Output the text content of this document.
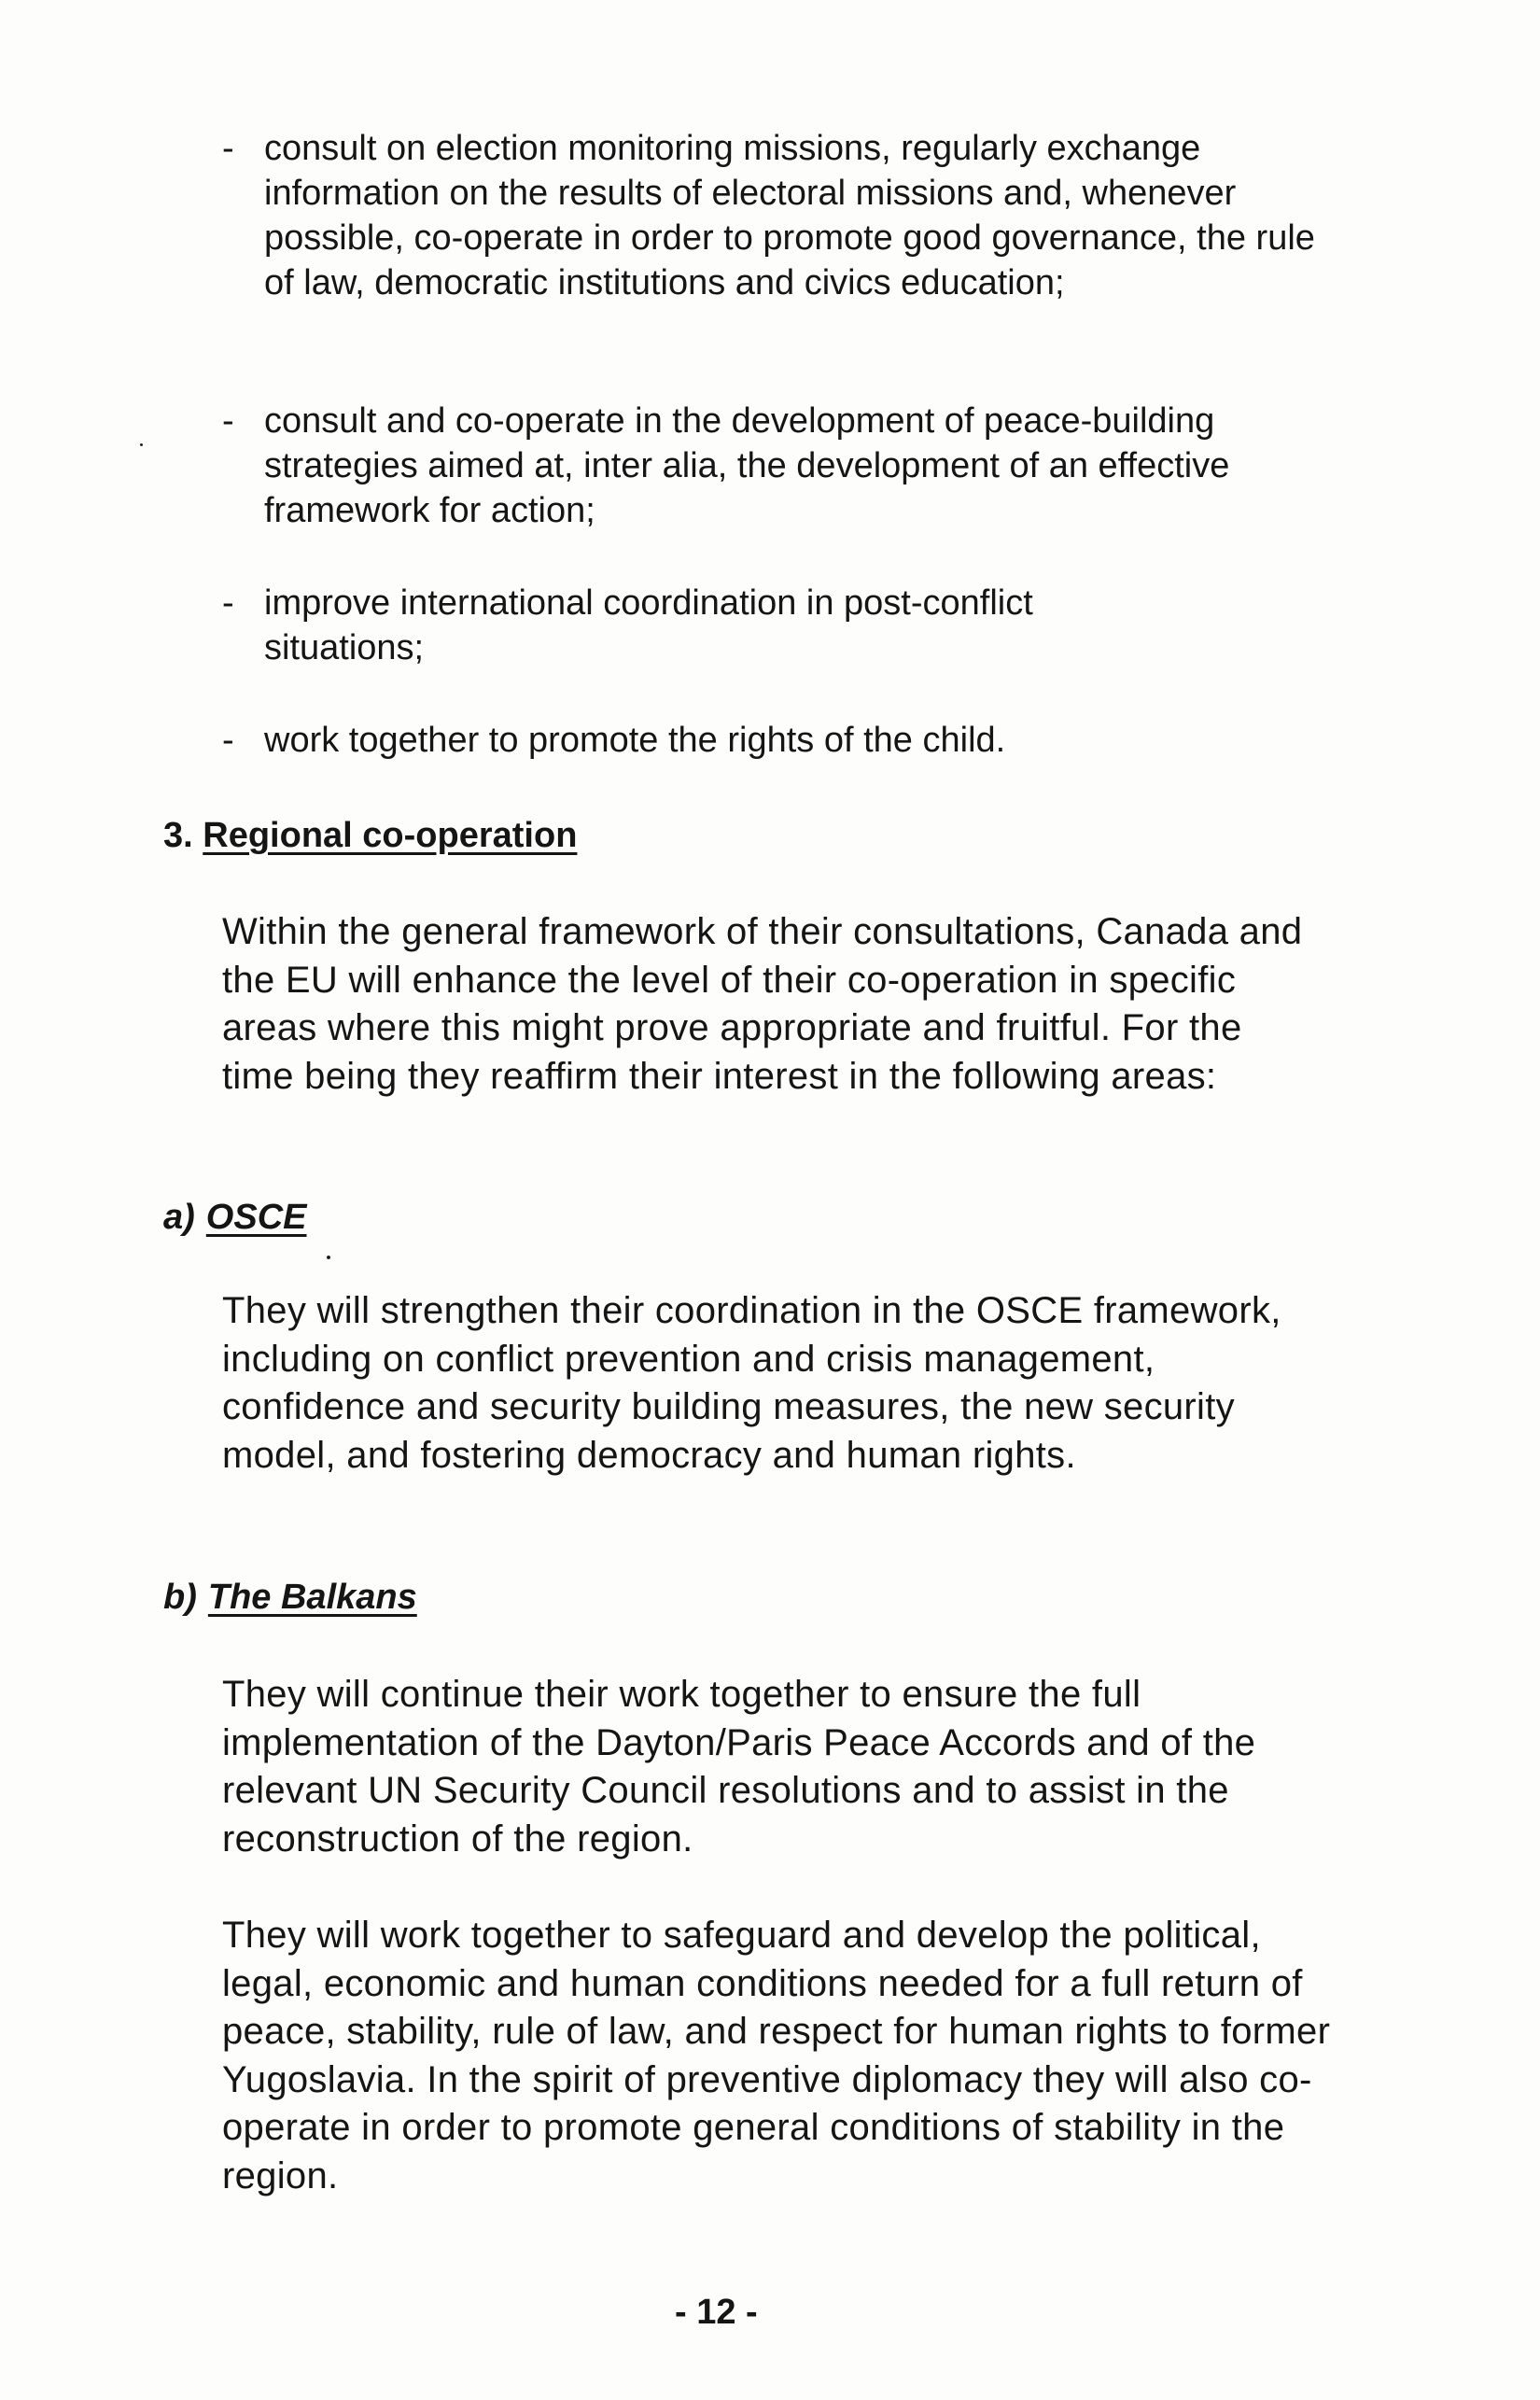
- consult on election monitoring missions, regularly exchange information on the results of electoral missions and, whenever possible, co-operate in order to promote good governance, the rule of law, democratic institutions and civics education;
- consult and co-operate in the development of peace-building strategies aimed at, inter alia, the development of an effective framework for action;
- improve international coordination in post-conflict situations;
- work together to promote the rights of the child.
3. Regional co-operation

Within the general framework of their consultations, Canada and the EU will enhance the level of their co-operation in specific areas where this might prove appropriate and fruitful. For the time being they reaffirm their interest in the following areas:

a) OSCE

They will strengthen their coordination in the OSCE framework, including on conflict prevention and crisis management, confidence and security building measures, the new security model, and fostering democracy and human rights.

b) The Balkans

They will continue their work together to ensure the full implementation of the Dayton/Paris Peace Accords and of the relevant UN Security Council resolutions and to assist in the reconstruction of the region.

They will work together to safeguard and develop the political, legal, economic and human conditions needed for a full return of peace, stability, rule of law, and respect for human rights to former Yugoslavia. In the spirit of preventive diplomacy they will also co-operate in order to promote general conditions of stability in the region.

- 12 -
